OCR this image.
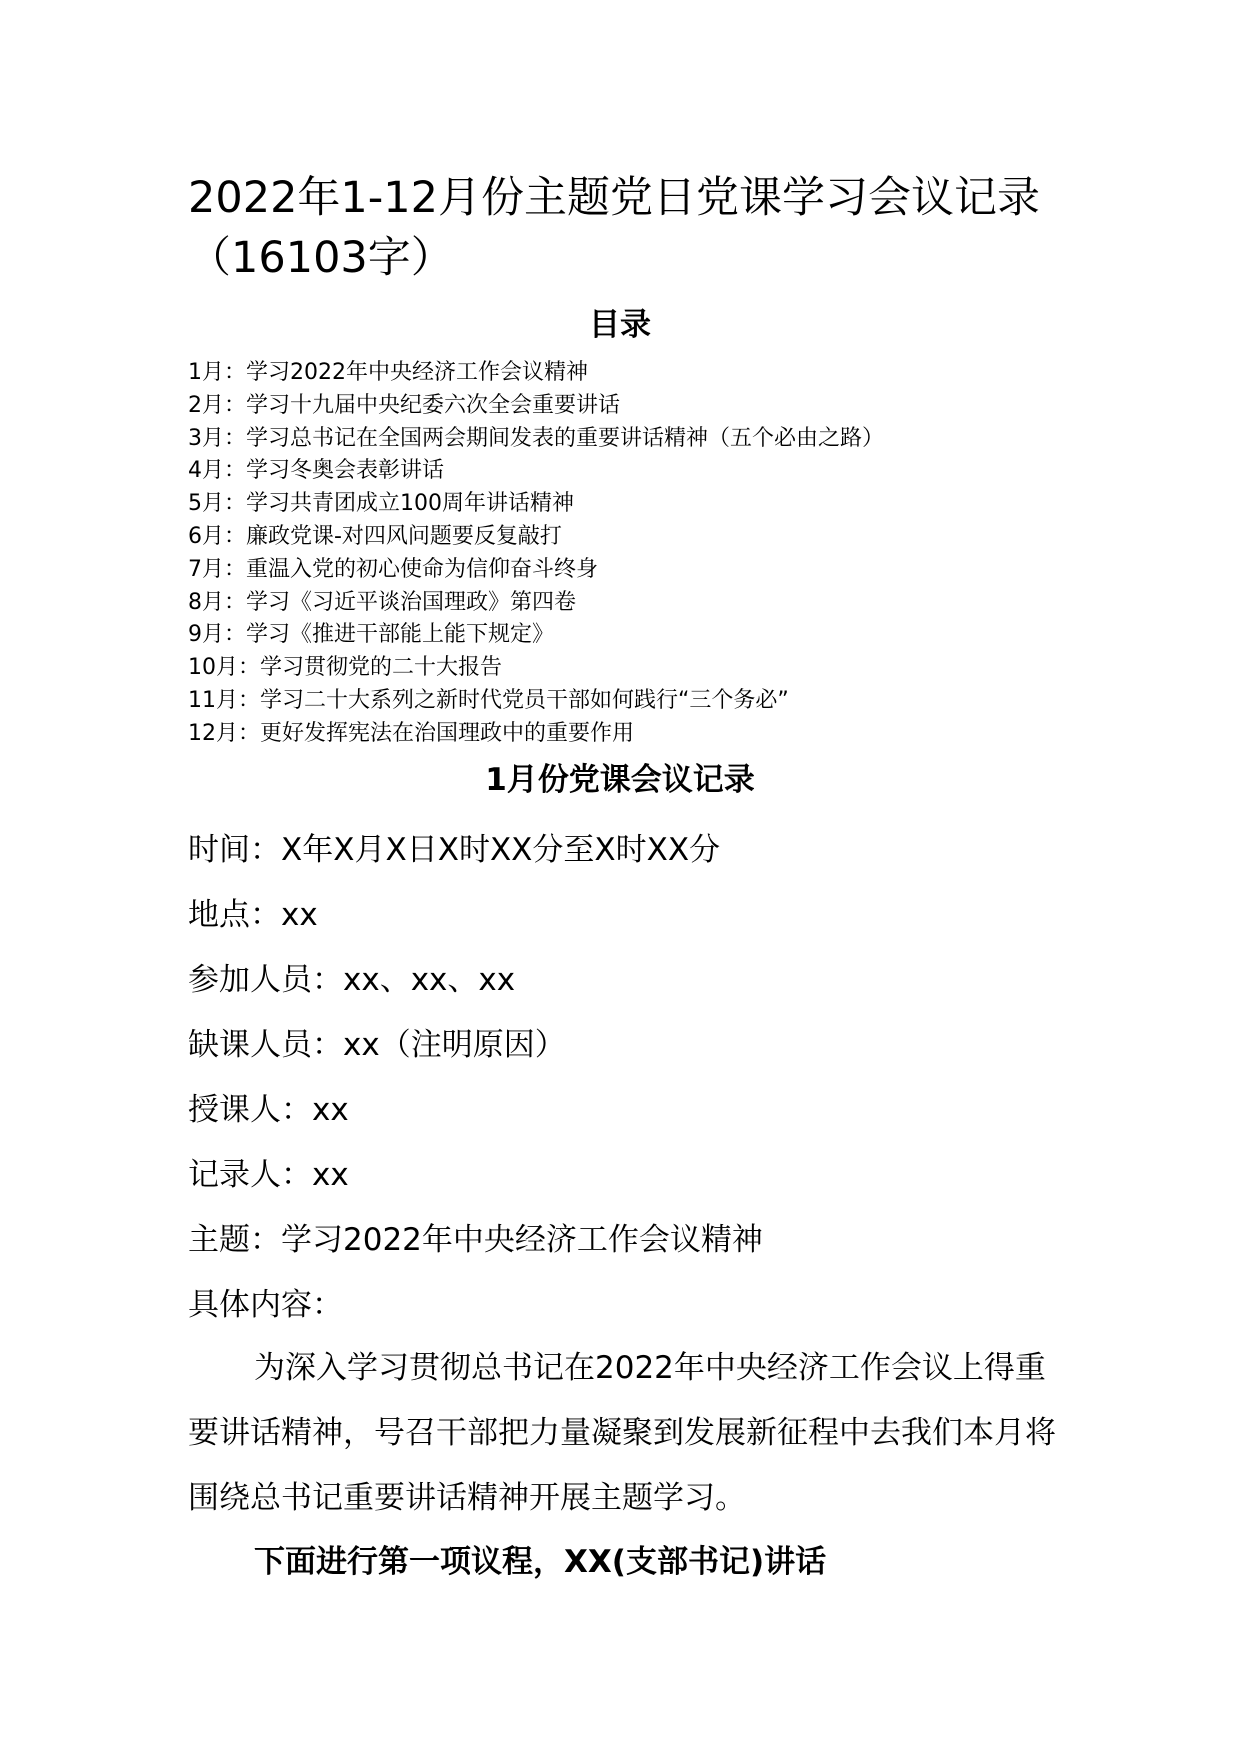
2022年1-12月份主题党日党课学习会议记录（16103字）
目录
1月：学习2022年中央经济工作会议精神
2月：学习十九届中央纪委六次全会重要讲话
3月：学习总书记在全国两会期间发表的重要讲话精神（五个必由之路）
4月：学习冬奥会表彰讲话
5月：学习共青团成立100周年讲话精神
6月：廉政党课-对四风问题要反复敲打
7月：重温入党的初心使命为信仰奋斗终身
8月：学习《习近平谈治国理政》第四卷
9月：学习《推进干部能上能下规定》
10月：学习贯彻党的二十大报告
11月：学习二十大系列之新时代党员干部如何践行“三个务必”
12月：更好发挥宪法在治国理政中的重要作用
1月份党课会议记录
时间：X年X月X日X时XX分至X时XX分
地点：xx
参加人员：xx、xx、xx
缺课人员：xx（注明原因）
授课人：xx
记录人：xx
主题：学习2022年中央经济工作会议精神
具体内容：

为深入学习贯彻总书记在2022年中央经济工作会议上得重要讲话精神，号召干部把力量凝聚到发展新征程中去我们本月将围绕总书记重要讲话精神开展主题学习。

下面进行第一项议程，XX(支部书记)讲话
